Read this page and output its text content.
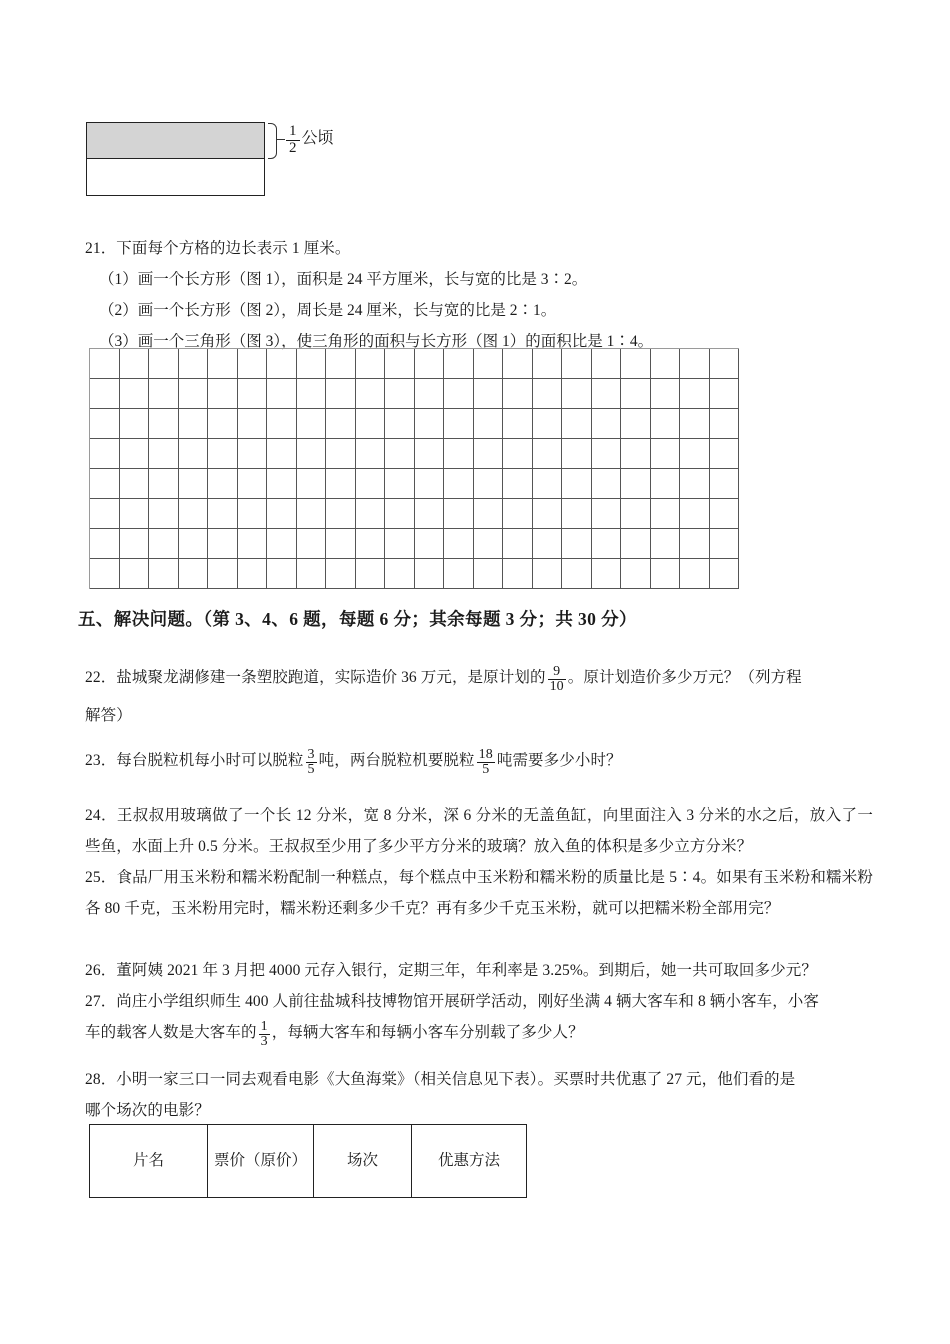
$\frac{1}{2}$ 公顷
21．下面每个方格的边长表示 1 厘米。
（1）画一个长方形（图 1），面积是 24 平方厘米，长与宽的比是 3∶2。
（2）画一个长方形（图 2），周长是 24 厘米，长与宽的比是 2∶1。
（3）画一个三角形（图 3），使三角形的面积与长方形（图 1）的面积比是 1∶4。
五、解决问题。（第 3、4、6 题，每题 6 分；其余每题 3 分；共 30 分）
22．盐城聚龙湖修建一条塑胶跑道，实际造价 36 万元，是原计划的 $\frac{9}{10}$ 。原计划造价多少万元？（列方程
解答）
23．每台脱粒机每小时可以脱粒 $\frac{3}{5}$ 吨，两台脱粒机要脱粒 $\frac{18}{5}$ 吨需要多少小时？
24．王叔叔用玻璃做了一个长 12 分米，宽 8 分米，深 6 分米的无盖鱼缸，向里面注入 3 分米的水之后，放入了一些鱼，水面上升 0.5 分米。王叔叔至少用了多少平方分米的玻璃？放入鱼的体积是多少立方分米？
25．食品厂用玉米粉和糯米粉配制一种糕点，每个糕点中玉米粉和糯米粉的质量比是 5∶4。如果有玉米粉和糯米粉各 80 千克，玉米粉用完时，糯米粉还剩多少千克？再有多少千克玉米粉，就可以把糯米粉全部用完？
26．董阿姨 2021 年 3 月把 4000 元存入银行，定期三年，年利率是 3.25%。到期后，她一共可取回多少元？
27．尚庄小学组织师生 400 人前往盐城科技博物馆开展研学活动，刚好坐满 4 辆大客车和 8 辆小客车，小客
车的载客人数是大客车的 $\frac{1}{3}$ ，每辆大客车和每辆小客车分别载了多少人？
28．小明一家三口一同去观看电影《大鱼海棠》（相关信息见下表）。买票时共优惠了 27 元，他们看的是
哪个场次的电影？
片名	票价（原价）	场次	优惠方法
